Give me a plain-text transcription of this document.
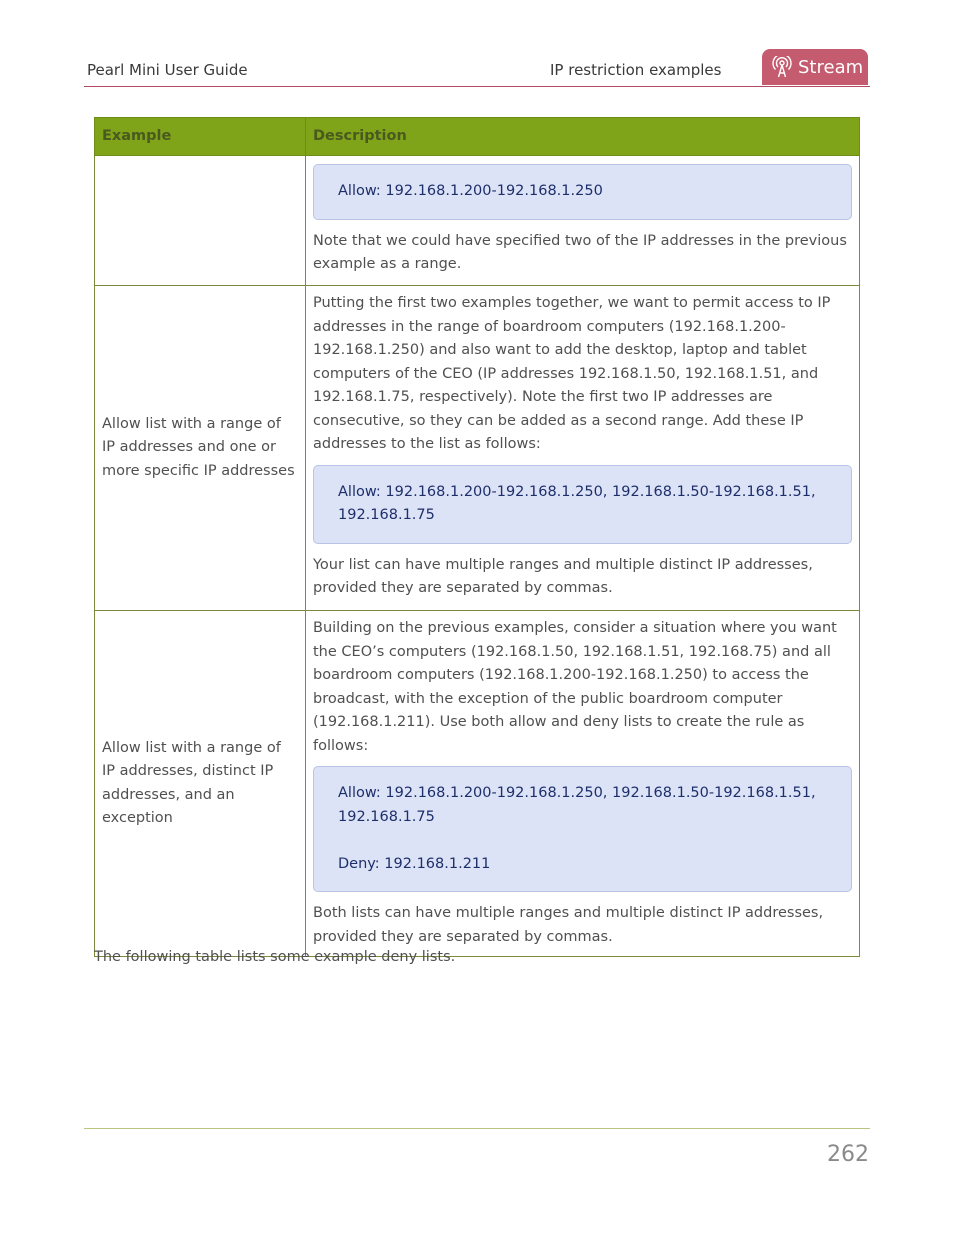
Pearl Mini User Guide	IP restriction examples	Stream
Example	Description

	Allow: 192.168.1.200-192.168.1.250

Note that we could have specified two of the IP addresses in the previous example as a range.

Allow list with a range of IP addresses and one or more specific IP addresses	Putting the first two examples together, we want to permit access to IP addresses in the range of boardroom computers (192.168.1.200-192.168.1.250) and also want to add the desktop, laptop and tablet computers of the CEO (IP addresses 192.168.1.50, 192.168.1.51, and 192.168.1.75, respectively). Note the first two IP addresses are consecutive, so they can be added as a second range. Add these IP addresses to the list as follows:

Allow: 192.168.1.200-192.168.1.250, 192.168.1.50-192.168.1.51, 192.168.1.75

Your list can have multiple ranges and multiple distinct IP addresses, provided they are separated by commas.

Allow list with a range of IP addresses, distinct IP addresses, and an exception	Building on the previous examples, consider a situation where you want the CEO’s computers (192.168.1.50, 192.168.1.51, 192.168.75) and all boardroom computers (192.168.1.200-192.168.1.250) to access the broadcast, with the exception of the public boardroom computer (192.168.1.211). Use both allow and deny lists to create the rule as follows:

Allow: 192.168.1.200-192.168.1.250, 192.168.1.50-192.168.1.51, 192.168.1.75

Deny: 192.168.1.211

Both lists can have multiple ranges and multiple distinct IP addresses, provided they are separated by commas.

The following table lists some example deny lists.

262
